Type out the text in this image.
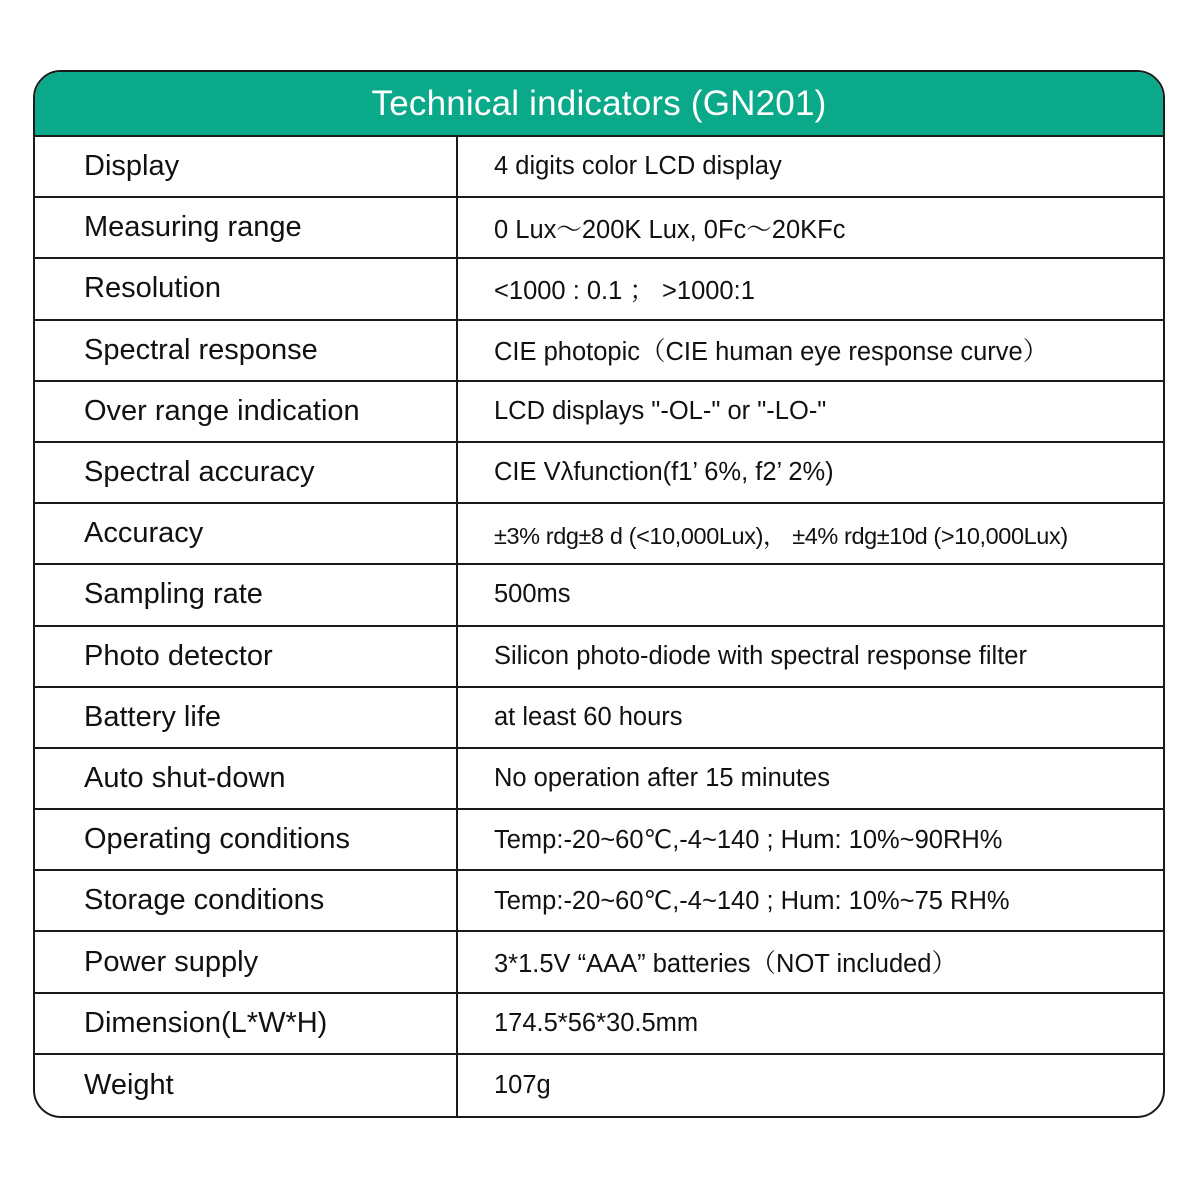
Technical indicators (GN201)
Display	4 digits color LCD display
Measuring range	0 Lux～200K Lux, 0Fc～20KFc
Resolution	<1000 : 0.1 ； >1000:1
Spectral response	CIE photopic（CIE human eye response curve）
Over range indication	LCD displays "-OL-" or "-LO-"
Spectral accuracy	CIE Vλfunction(f1’ 6%, f2’ 2%)
Accuracy	±3% rdg±8 d (<10,000Lux)， ±4% rdg±10d (>10,000Lux)
Sampling rate	500ms
Photo detector	Silicon photo-diode with spectral response filter
Battery life	at least 60 hours
Auto shut-down	No operation after 15 minutes
Operating conditions	Temp:-20~60℃,-4~140 ; Hum: 10%~90RH%
Storage conditions	Temp:-20~60℃,-4~140 ; Hum: 10%~75 RH%
Power supply	3*1.5V “AAA” batteries（NOT included）
Dimension(L*W*H)	174.5*56*30.5mm
Weight	107g
